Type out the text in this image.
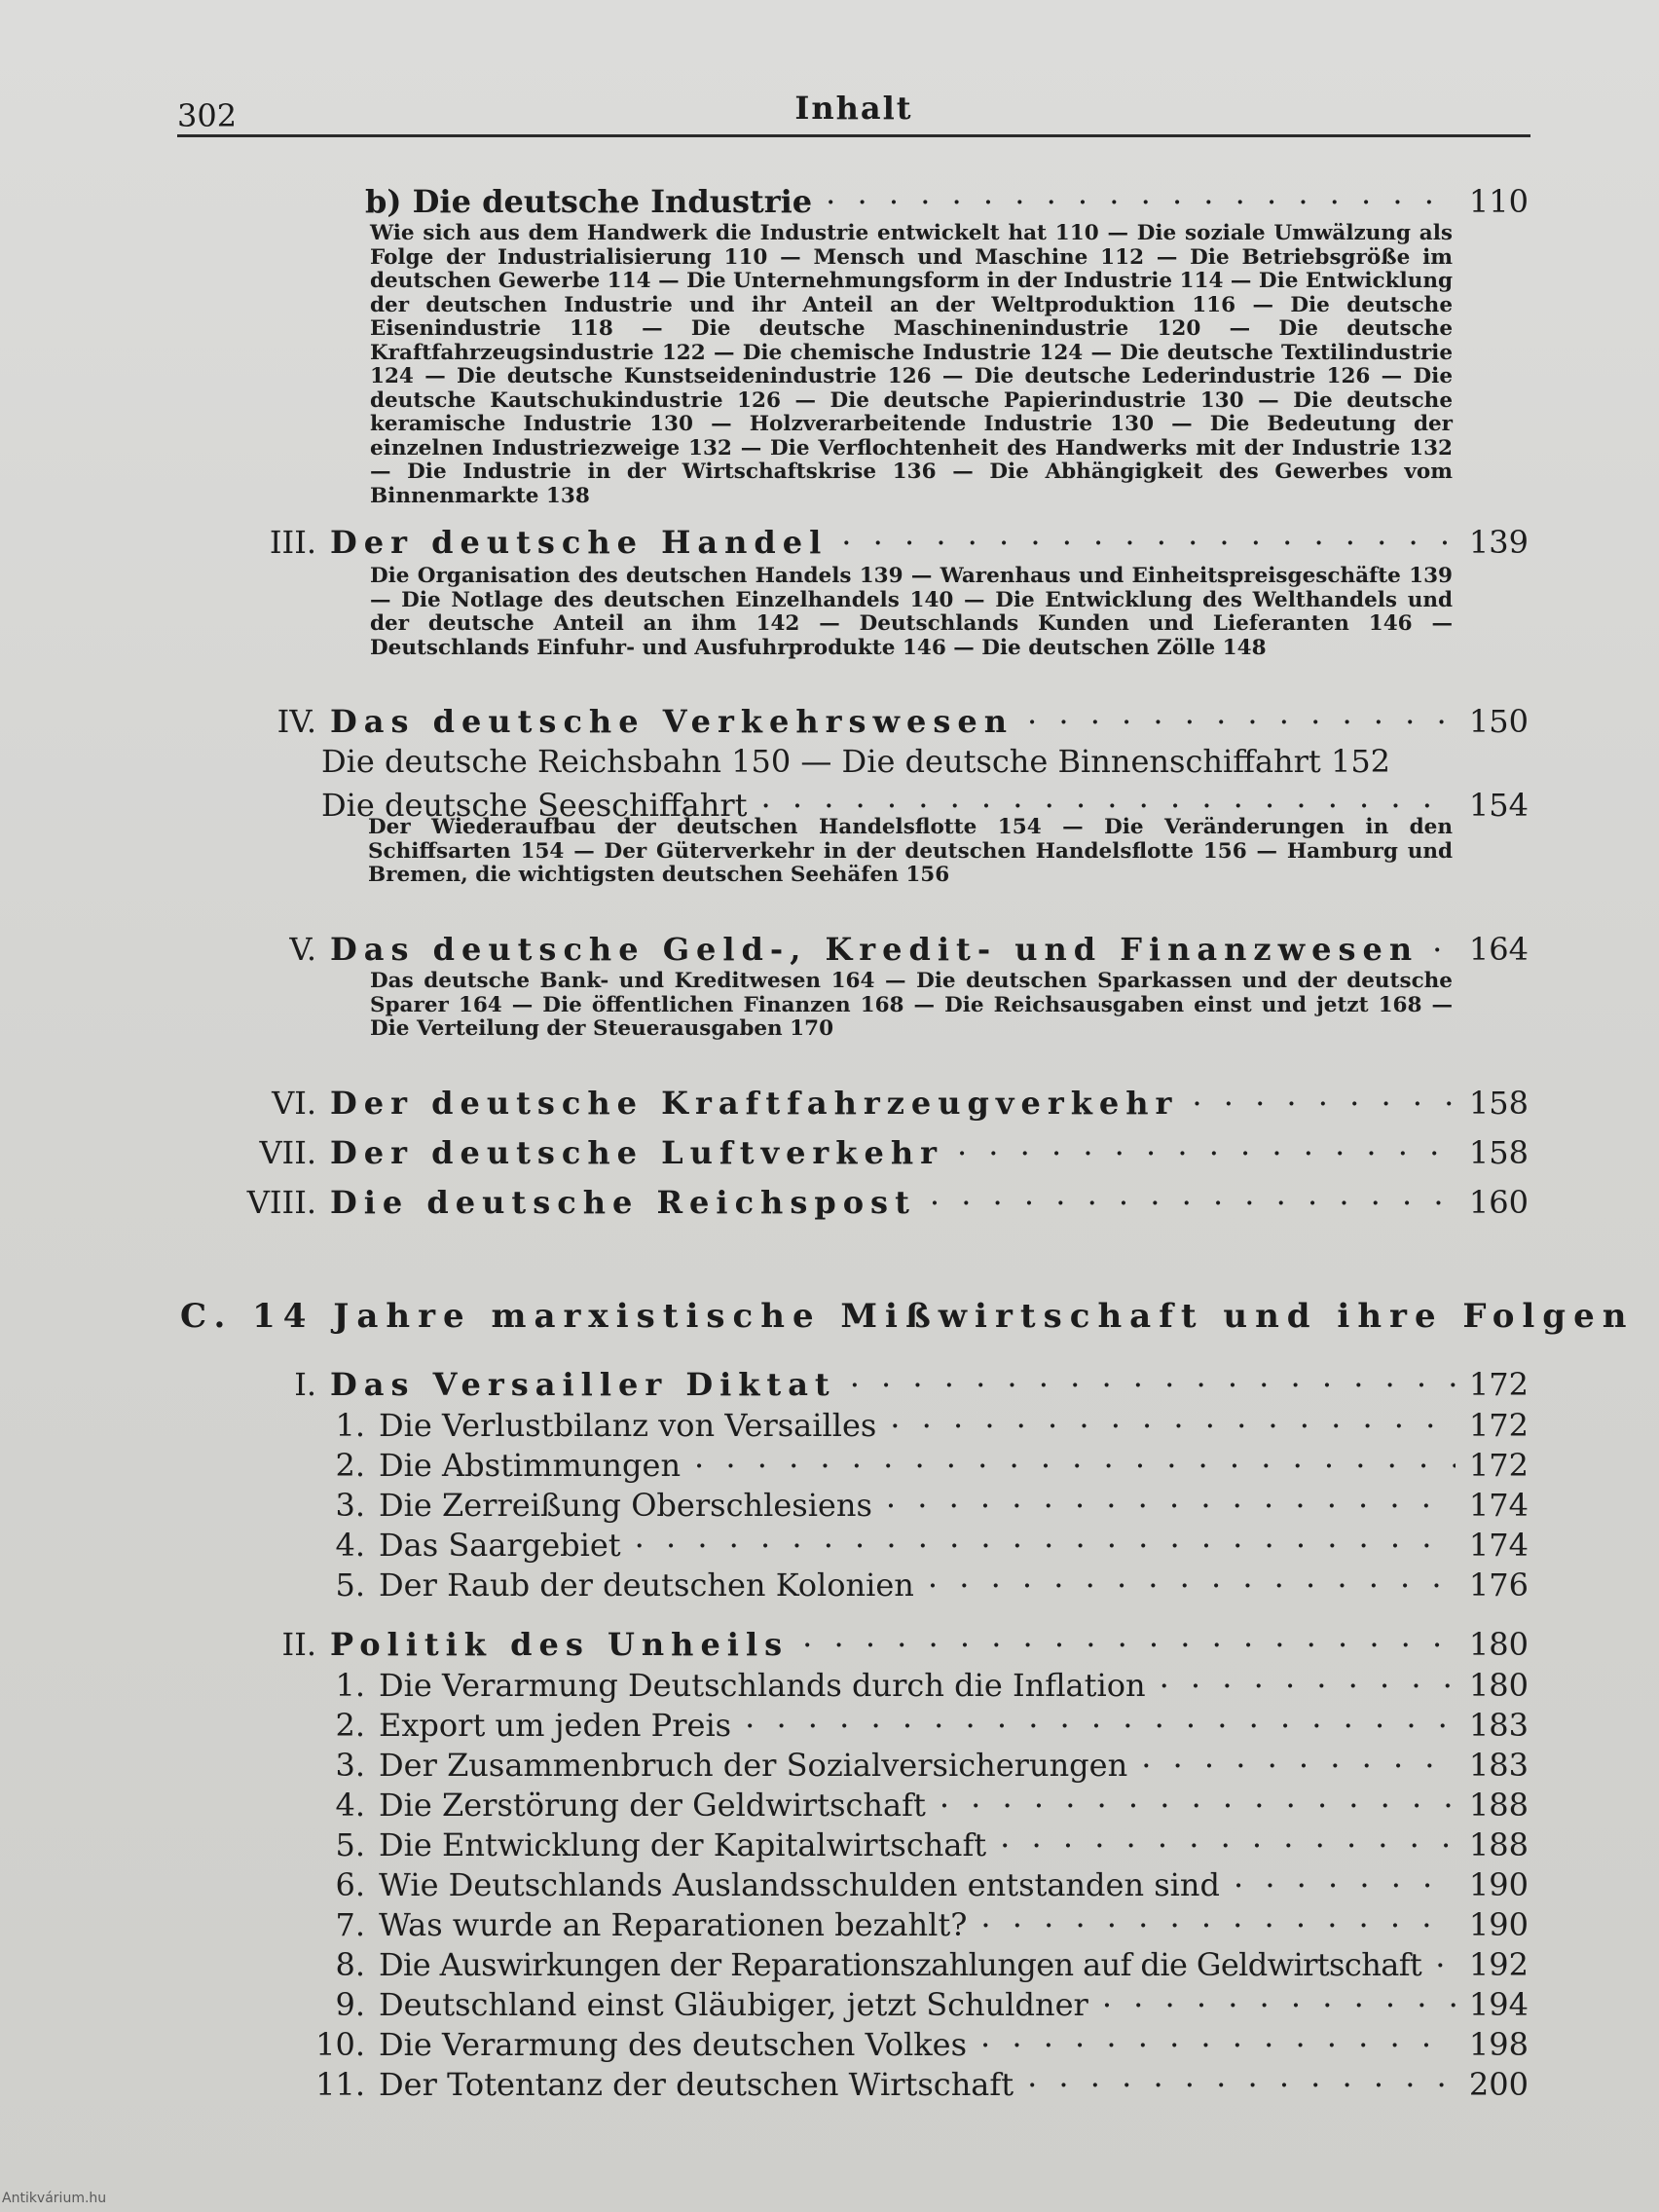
302	Inhalt
b) Die deutsche Industrie . . .	110
Wie sich aus dem Handwerk die Industrie entwickelt hat 110 — Die soziale Umwälzung als Folge der Industrialisierung 110 — Mensch und Maschine 112 — Die Betriebsgröße im deutschen Gewerbe 114 — Die Unternehmungsform in der Industrie 114 — Die Entwicklung der deutschen Industrie und ihr Anteil an der Weltproduktion 116 — Die deutsche Eisenindustrie 118 — Die deutsche Maschinenindustrie 120 — Die deutsche Kraftfahrzeugsindustrie 122 — Die chemische Industrie 124 — Die deutsche Textilindustrie 124 — Die deutsche Kunstseidenindustrie 126 — Die deutsche Lederindustrie 126 — Die deutsche Kautschukindustrie 126 — Die deutsche Papierindustrie 130 — Die deutsche keramische Industrie 130 — Holzverarbeitende Industrie 130 — Die Bedeutung der einzelnen Industriezweige 132 — Die Verflochtenheit des Handwerks mit der Industrie 132 — Die Industrie in der Wirtschaftskrise 136 — Die Abhängigkeit des Gewerbes vom Binnenmarkte 138
III. Der deutsche Handel . . .	139
Die Organisation des deutschen Handels 139 — Warenhaus und Einheitspreisgeschäfte 139 — Die Notlage des deutschen Einzelhandels 140 — Die Entwicklung des Welthandels und der deutsche Anteil an ihm 142 — Deutschlands Kunden und Lieferanten 146 — Deutschlands Einfuhr- und Ausfuhrprodukte 146 — Die deutschen Zölle 148
IV. Das deutsche Verkehrswesen . . .	150
Die deutsche Reichsbahn 150 — Die deutsche Binnenschiffahrt 152
Die deutsche Seeschiffahrt . . .	154
Der Wiederaufbau der deutschen Handelsflotte 154 — Die Veränderungen in den Schiffsarten 154 — Der Güterverkehr in der deutschen Handelsflotte 156 — Hamburg und Bremen, die wichtigsten deutschen Seehäfen 156
V. Das deutsche Geld-, Kredit- und Finanzwesen . . . 164
Das deutsche Bank- und Kreditwesen 164 — Die deutschen Sparkassen und der deutsche Sparer 164 — Die öffentlichen Finanzen 168 — Die Reichsausgaben einst und jetzt 168 — Die Verteilung der Steuerausgaben 170
VI. Der deutsche Kraftfahrzeugverkehr . . .	158
VII. Der deutsche Luftverkehr . . .	158
VIII. Die deutsche Reichspost . . .	160
C. 14 Jahre marxistische Mißwirtschaft und ihre Folgen
I. Das Versailler Diktat . . .	172
1. Die Verlustbilanz von Versailles . . .	172
2. Die Abstimmungen . . .	172
3. Die Zerreißung Oberschlesiens . . .	174
4. Das Saargebiet . . .	174
5. Der Raub der deutschen Kolonien . . .	176
II. Politik des Unheils . . .	180
1. Die Verarmung Deutschlands durch die Inflation . . .	180
2. Export um jeden Preis . . .	183
3. Der Zusammenbruch der Sozialversicherungen . . .	183
4. Die Zerstörung der Geldwirtschaft . . .	188
5. Die Entwicklung der Kapitalwirtschaft . . .	188
6. Wie Deutschlands Auslandsschulden entstanden sind . . .	190
7. Was wurde an Reparationen bezahlt? . . .	190
8. Die Auswirkungen der Reparationszahlungen auf die Geldwirtschaft . . . 192
9. Deutschland einst Gläubiger, jetzt Schuldner . . .	194
10. Die Verarmung des deutschen Volkes . . .	198
11. Der Totentanz der deutschen Wirtschaft . . .	200
Antikvárium.hu
